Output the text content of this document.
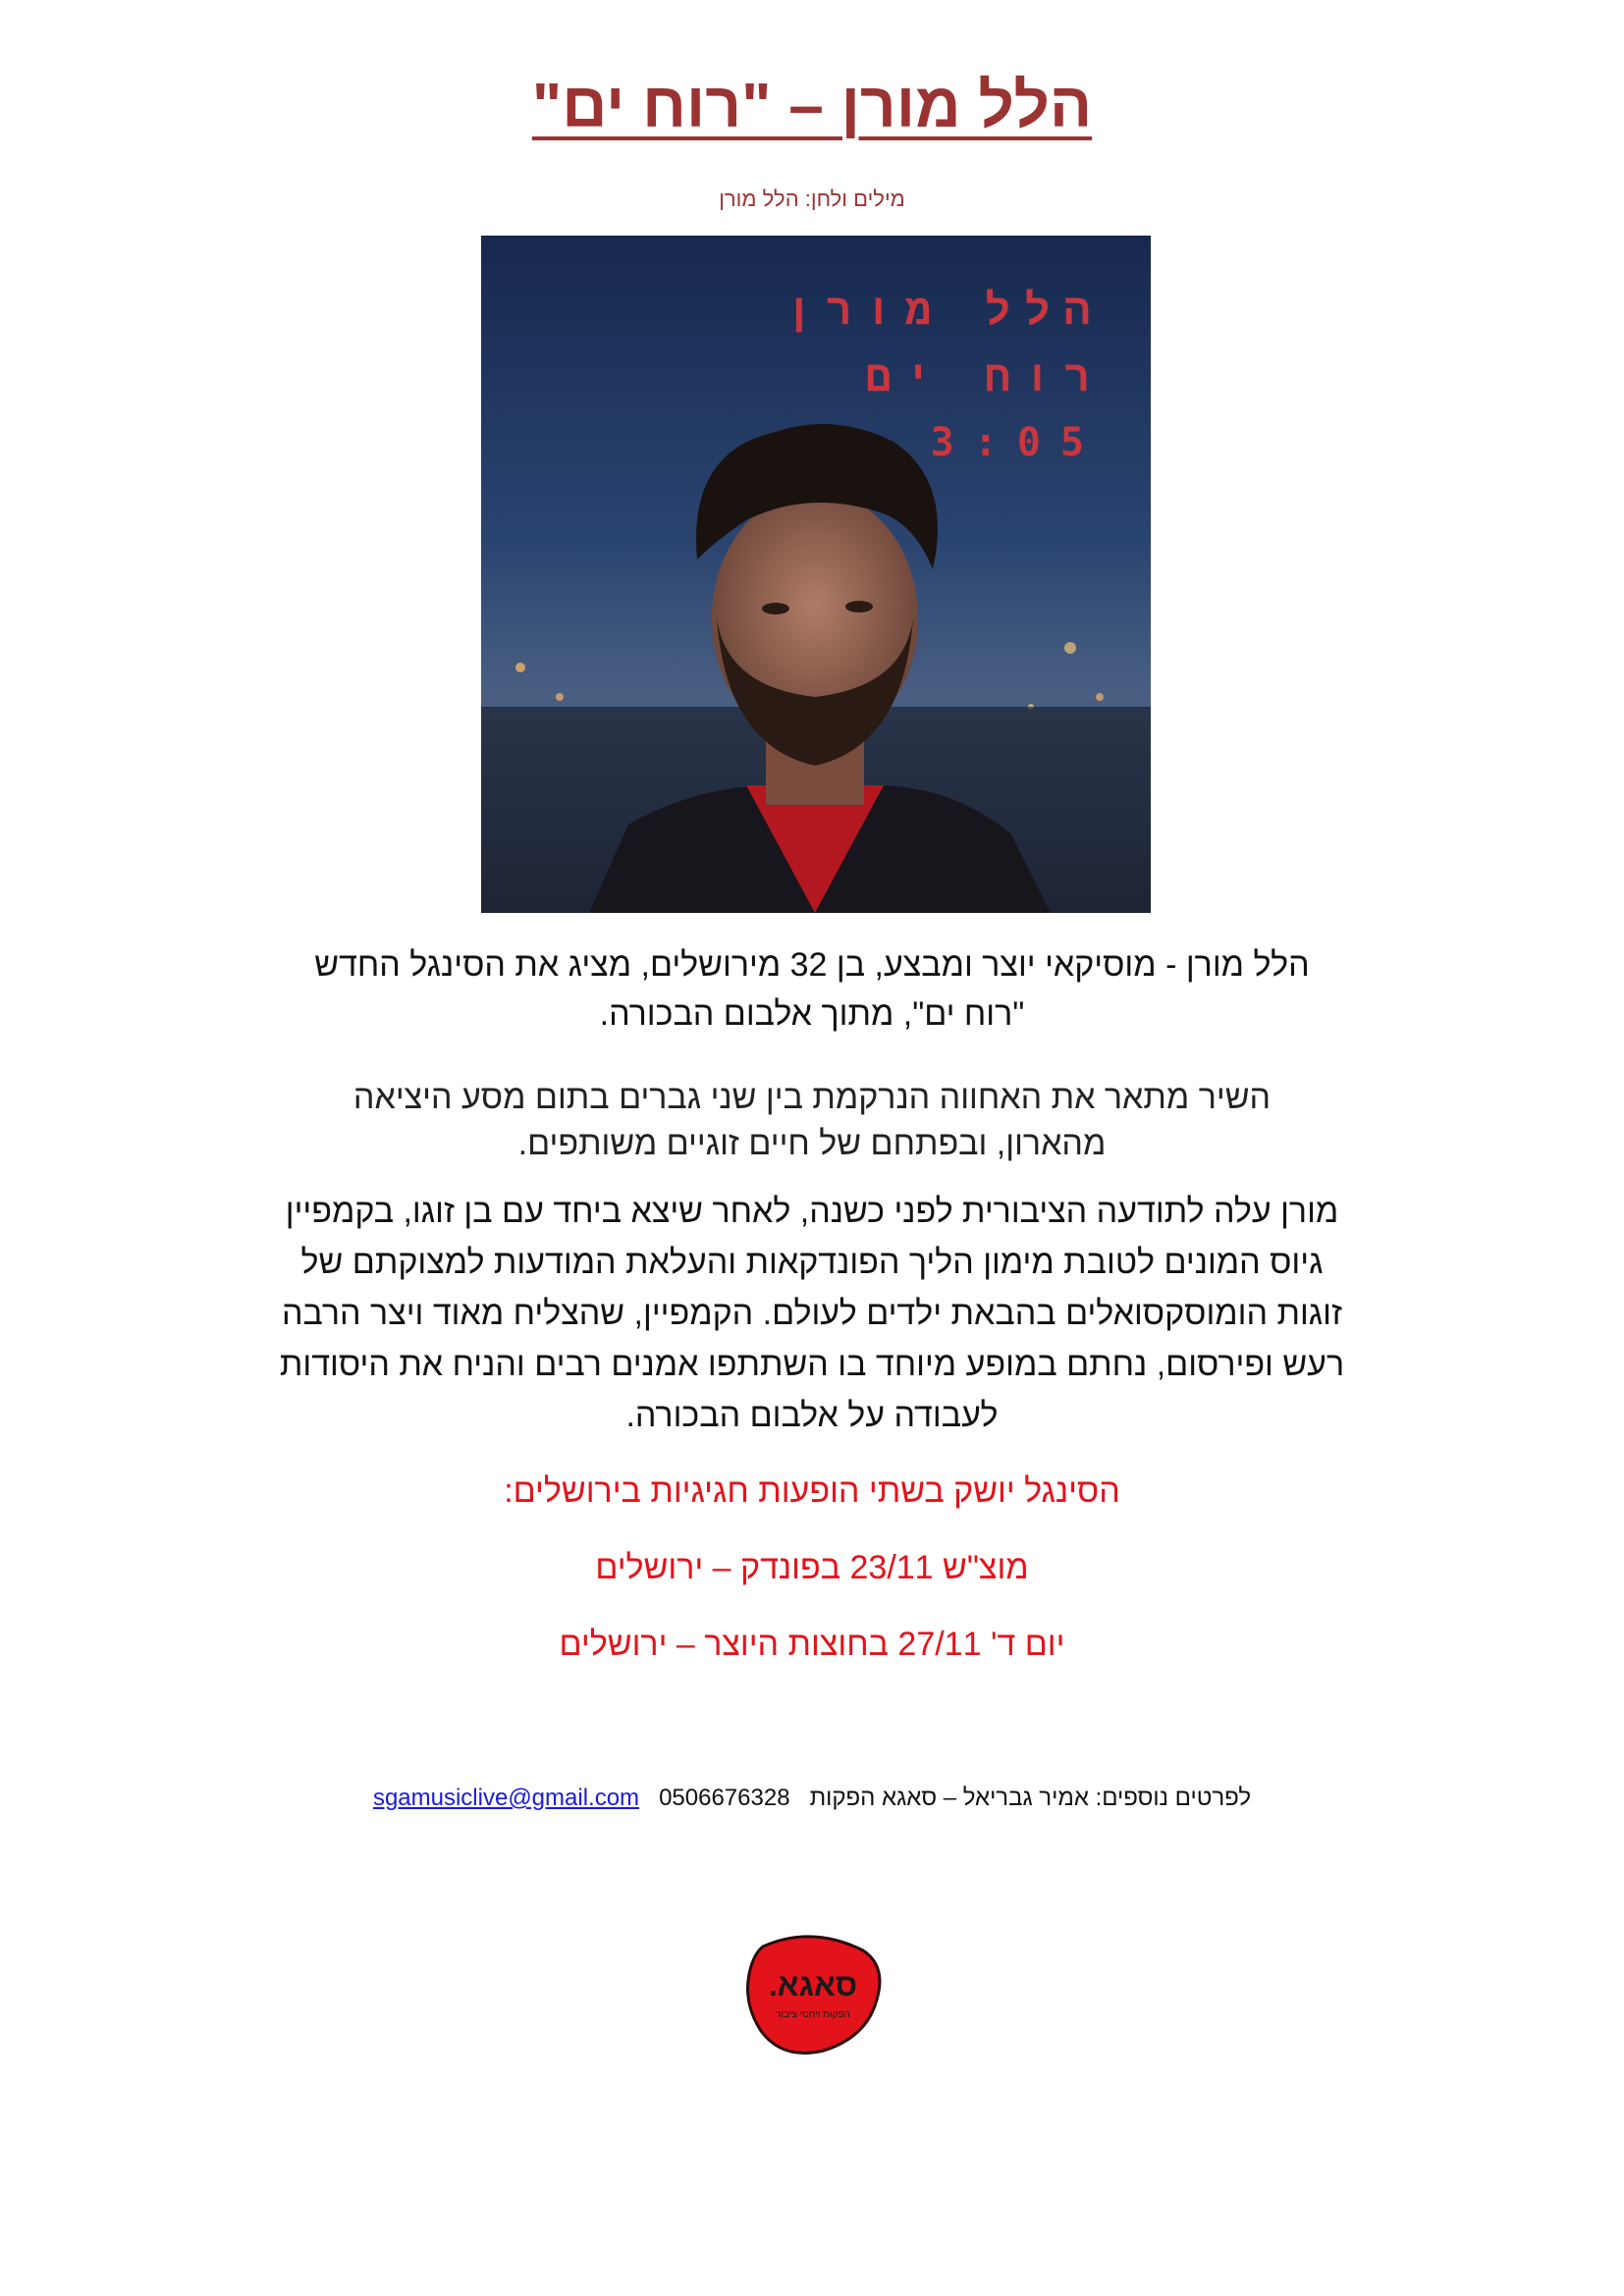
הלל מורן – "רוח ים"
מילים ולחן: הלל מורן
הלל מורן
רוח ים
3:05
הלל מורן - מוסיקאי יוצר ומבצע, בן 32 מירושלים, מציג את הסינגל החדש
"רוח ים", מתוך אלבום הבכורה.
השיר מתאר את האחווה הנרקמת בין שני גברים בתום מסע היציאה
מהארון, ובפתחם של חיים זוגיים משותפים.
מורן עלה לתודעה הציבורית לפני כשנה, לאחר שיצא ביחד עם בן זוגו, בקמפיין
גיוס המונים לטובת מימון הליך הפונדקאות והעלאת המודעות למצוקתם של
זוגות הומוסקסואלים בהבאת ילדים לעולם. הקמפיין, שהצליח מאוד ויצר הרבה
רעש ופירסום, נחתם במופע מיוחד בו השתתפו אמנים רבים והניח את היסודות
לעבודה על אלבום הבכורה.
הסינגל יושק בשתי הופעות חגיגיות בירושלים:
מוצ"ש 23/11 בפונדק – ירושלים
יום ד' 27/11 בחוצות היוצר – ירושלים
לפרטים נוספים: אמיר גבריאל – סאגא הפקות   0506676328   sgamusiclive@gmail.com
סאגא.
הפקות ויחסי ציבור
